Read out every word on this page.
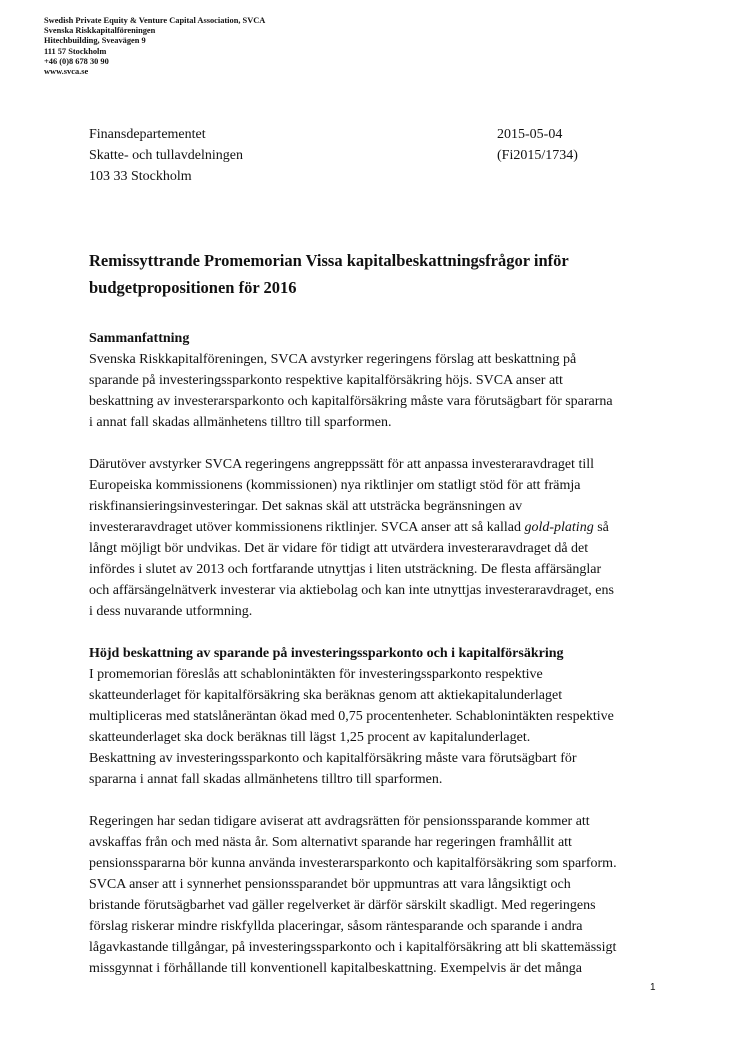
Swedish Private Equity & Venture Capital Association, SVCA
Svenska Riskkapitalföreningen
Hitechbuilding, Sveavägen 9
111 57 Stockholm
+46 (0)8 678 30 90
www.svca.se
Finansdepartementet
Skatte- och tullavdelningen
103 33 Stockholm
2015-05-04
(Fi2015/1734)
Remissyttrande Promemorian Vissa kapitalbeskattningsfrågor inför
budgetpropositionen för 2016
Sammanfattning
Svenska Riskkapitalföreningen, SVCA avstyrker regeringens förslag att beskattning på
sparande på investeringssparkonto respektive kapitalförsäkring höjs. SVCA anser att
beskattning av investerarsparkonto och kapitalförsäkring måste vara förutsägbart för spararna
i annat fall skadas allmänhetens tilltro till sparformen.
Därutöver avstyrker SVCA regeringens angreppssätt för att anpassa investeraravdraget till
Europeiska kommissionens (kommissionen) nya riktlinjer om statligt stöd för att främja
riskfinansieringsinvesteringar. Det saknas skäl att utsträcka begränsningen av
investeraravdraget utöver kommissionens riktlinjer. SVCA anser att så kallad gold-plating så
långt möjligt bör undvikas. Det är vidare för tidigt att utvärdera investeraravdraget då det
infördes i slutet av 2013 och fortfarande utnyttjas i liten utsträckning. De flesta affärsänglar
och affärsängelnätverk investerar via aktiebolag och kan inte utnyttjas investeraravdraget, ens
i dess nuvarande utformning.
Höjd beskattning av sparande på investeringssparkonto och i kapitalförsäkring
I promemorian föreslås att schablonintäkten för investeringssparkonto respektive
skatteunderlaget för kapitalförsäkring ska beräknas genom att aktiekapitalunderlaget
multipliceras med statslåneräntan ökad med 0,75 procentenheter. Schablonintäkten respektive
skatteunderlaget ska dock beräknas till lägst 1,25 procent av kapitalunderlaget.
Beskattning av investeringssparkonto och kapitalförsäkring måste vara förutsägbart för
spararna i annat fall skadas allmänhetens tilltro till sparformen.
Regeringen har sedan tidigare aviserat att avdragsrätten för pensionssparande kommer att
avskaffas från och med nästa år. Som alternativt sparande har regeringen framhållit att
pensionsspararna bör kunna använda investerarsparkonto och kapitalförsäkring som sparform.
SVCA anser att i synnerhet pensionssparandet bör uppmuntras att vara långsiktigt och
bristande förutsägbarhet vad gäller regelverket är därför särskilt skadligt. Med regeringens
förslag riskerar mindre riskfyllda placeringar, såsom räntesparande och sparande i andra
lågavkastande tillgångar, på investeringssparkonto och i kapitalförsäkring att bli skattemässigt
missgynnat i förhållande till konventionell kapitalbeskattning. Exempelvis är det många
1
